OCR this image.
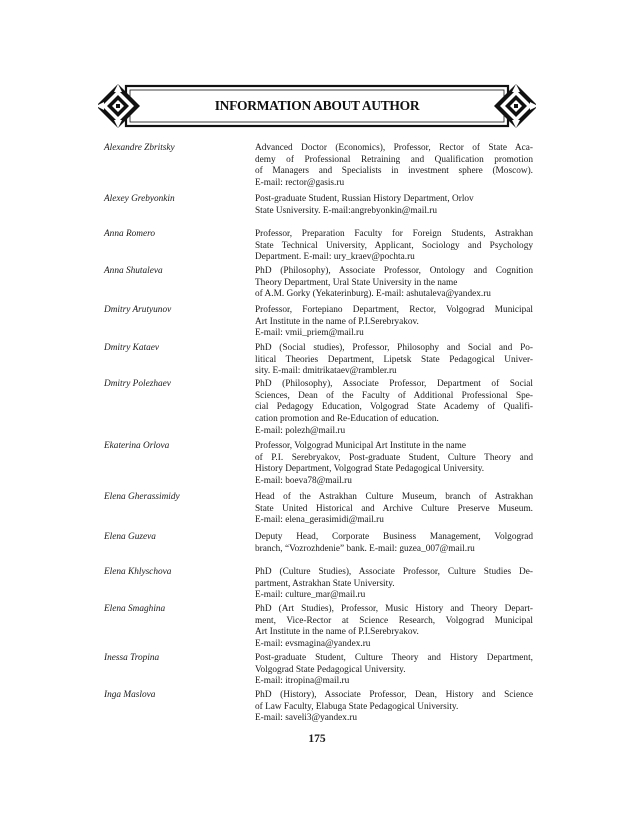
INFORMATION ABOUT AUTHOR
Alexandre Zbritsky	Advanced Doctor (Economics), Professor, Rector of State Aca-
demy of Professional Retraining and Qualification promotion
of Managers and Specialists in investment sphere (Moscow).
E-mail: rector@gasis.ru
Alexey Grebyonkin	Post-graduate Student, Russian History Department, Orlov
State Usniversity. E-mail:angrebyonkin@mail.ru
Anna Romero	Professor, Preparation Faculty for Foreign Students, Astrakhan
State Technical University, Applicant, Sociology and Psychology
Department. E-mail: ury_kraev@pochta.ru
Anna Shutaleva	PhD (Philosophy), Associate Professor, Ontology and Cognition
Theory Department, Ural State University in the name
of A.M. Gorky (Yekaterinburg). E-mail: ashutaleva@yandex.ru
Dmitry Arutyunov	Professor, Fortepiano Department, Rector, Volgograd Municipal
Art Institute in the name of P.I.Serebryakov.
E-mail: vmii_priem@mail.ru
Dmitry Kataev	PhD (Social studies), Professor, Philosophy and Social and Po-
litical Theories Department, Lipetsk State Pedagogical Univer-
sity. E-mail: dmitrikataev@rambler.ru
Dmitry Polezhaev	PhD (Philosophy), Associate Professor, Department of Social
Sciences, Dean of the Faculty of Additional Professional Spe-
cial Pedagogy Education, Volgograd State Academy of Qualifi-
cation promotion and Re-Education of education.
E-mail: polezh@mail.ru
Ekaterina Orlova	Professor, Volgograd Municipal Art Institute in the name
of P.I. Serebryakov, Post-graduate Student, Culture Theory and
History Department, Volgograd State Pedagogical University.
E-mail: boeva78@mail.ru
Elena Gherassimidy	Head of the Astrakhan Culture Museum, branch of Astrakhan
State United Historical and Archive Culture Preserve Museum.
E-mail: elena_gerasimidi@mail.ru
Elena Guzeva	Deputy Head, Corporate Business Management, Volgograd
branch, “Vozrozhdenie” bank. E-mail: guzea_007@mail.ru
Elena Khlyschova	PhD (Culture Studies), Associate Professor, Culture Studies De-
partment, Astrakhan State University.
E-mail: culture_mar@mail.ru
Elena Smaghina	PhD (Art Studies), Professor, Music History and Theory Depart-
ment, Vice-Rector at Science Research, Volgograd Municipal
Art Institute in the name of P.I.Serebryakov.
E-mail: evsmagina@yandex.ru
Inessa Tropina	Post-graduate Student, Culture Theory and History Department,
Volgograd State Pedagogical University.
E-mail: itropina@mail.ru
Inga Maslova	PhD (History), Associate Professor, Dean, History and Science
of Law Faculty, Elabuga State Pedagogical University.
E-mail: saveli3@yandex.ru
175
